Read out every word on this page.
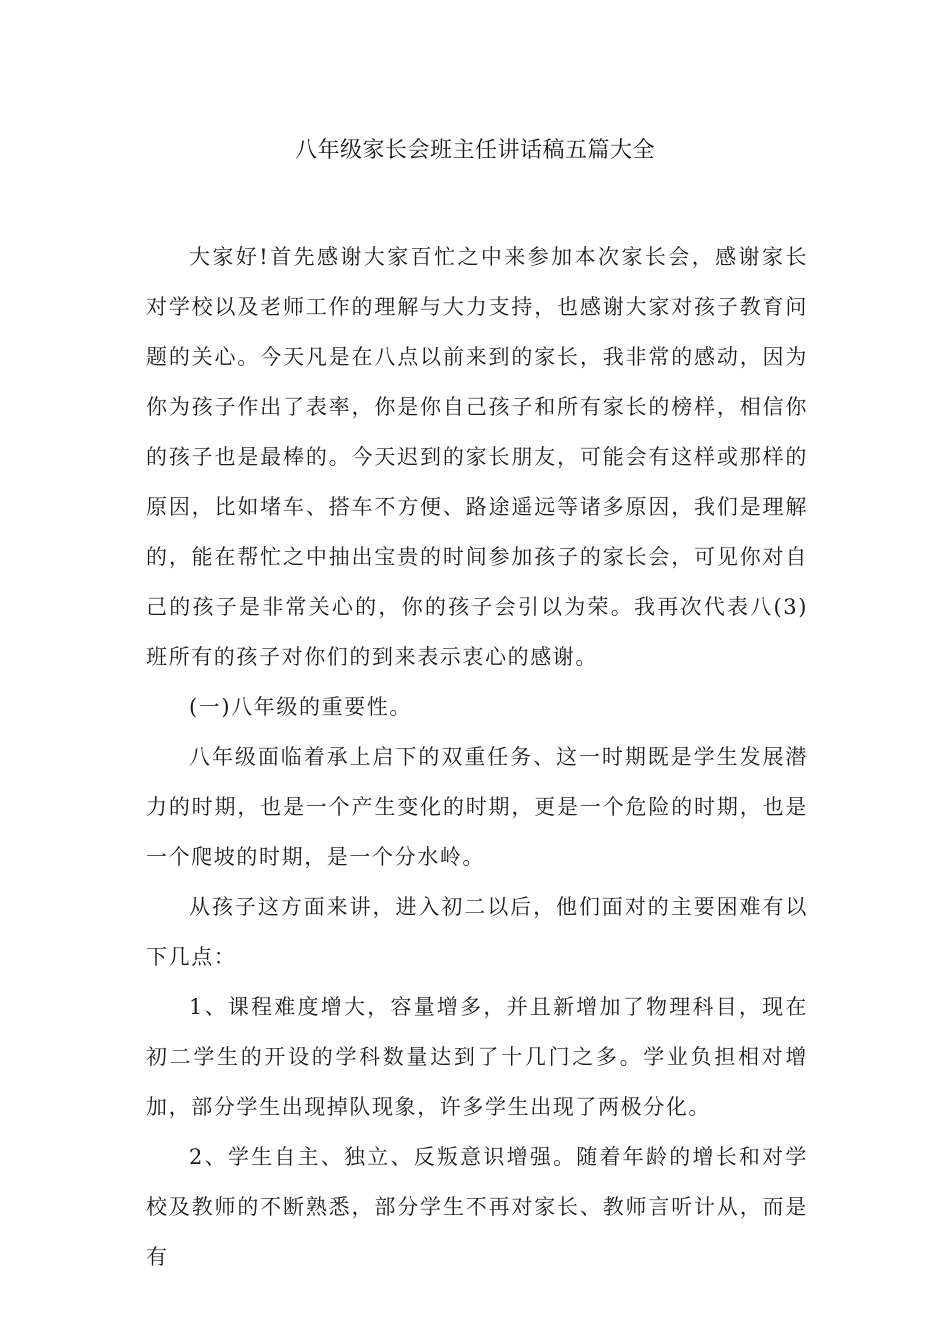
八年级家长会班主任讲话稿五篇大全

大家好!首先感谢大家百忙之中来参加本次家长会，感谢家长对学校以及老师工作的理解与大力支持，也感谢大家对孩子教育问题的关心。今天凡是在八点以前来到的家长，我非常的感动，因为你为孩子作出了表率，你是你自己孩子和所有家长的榜样，相信你的孩子也是最棒的。今天迟到的家长朋友，可能会有这样或那样的原因，比如堵车、搭车不方便、路途遥远等诸多原因，我们是理解的，能在帮忙之中抽出宝贵的时间参加孩子的家长会，可见你对自己的孩子是非常关心的，你的孩子会引以为荣。我再次代表八(3)班所有的孩子对你们的到来表示衷心的感谢。

(一)八年级的重要性。

八年级面临着承上启下的双重任务、这一时期既是学生发展潜力的时期，也是一个产生变化的时期，更是一个危险的时期，也是一个爬坡的时期，是一个分水岭。

从孩子这方面来讲，进入初二以后，他们面对的主要困难有以下几点：

1、课程难度增大，容量增多，并且新增加了物理科目，现在初二学生的开设的学科数量达到了十几门之多。学业负担相对增加，部分学生出现掉队现象，许多学生出现了两极分化。

2、学生自主、独立、反叛意识增强。随着年龄的增长和对学校及教师的不断熟悉，部分学生不再对家长、教师言听计从，而是有
